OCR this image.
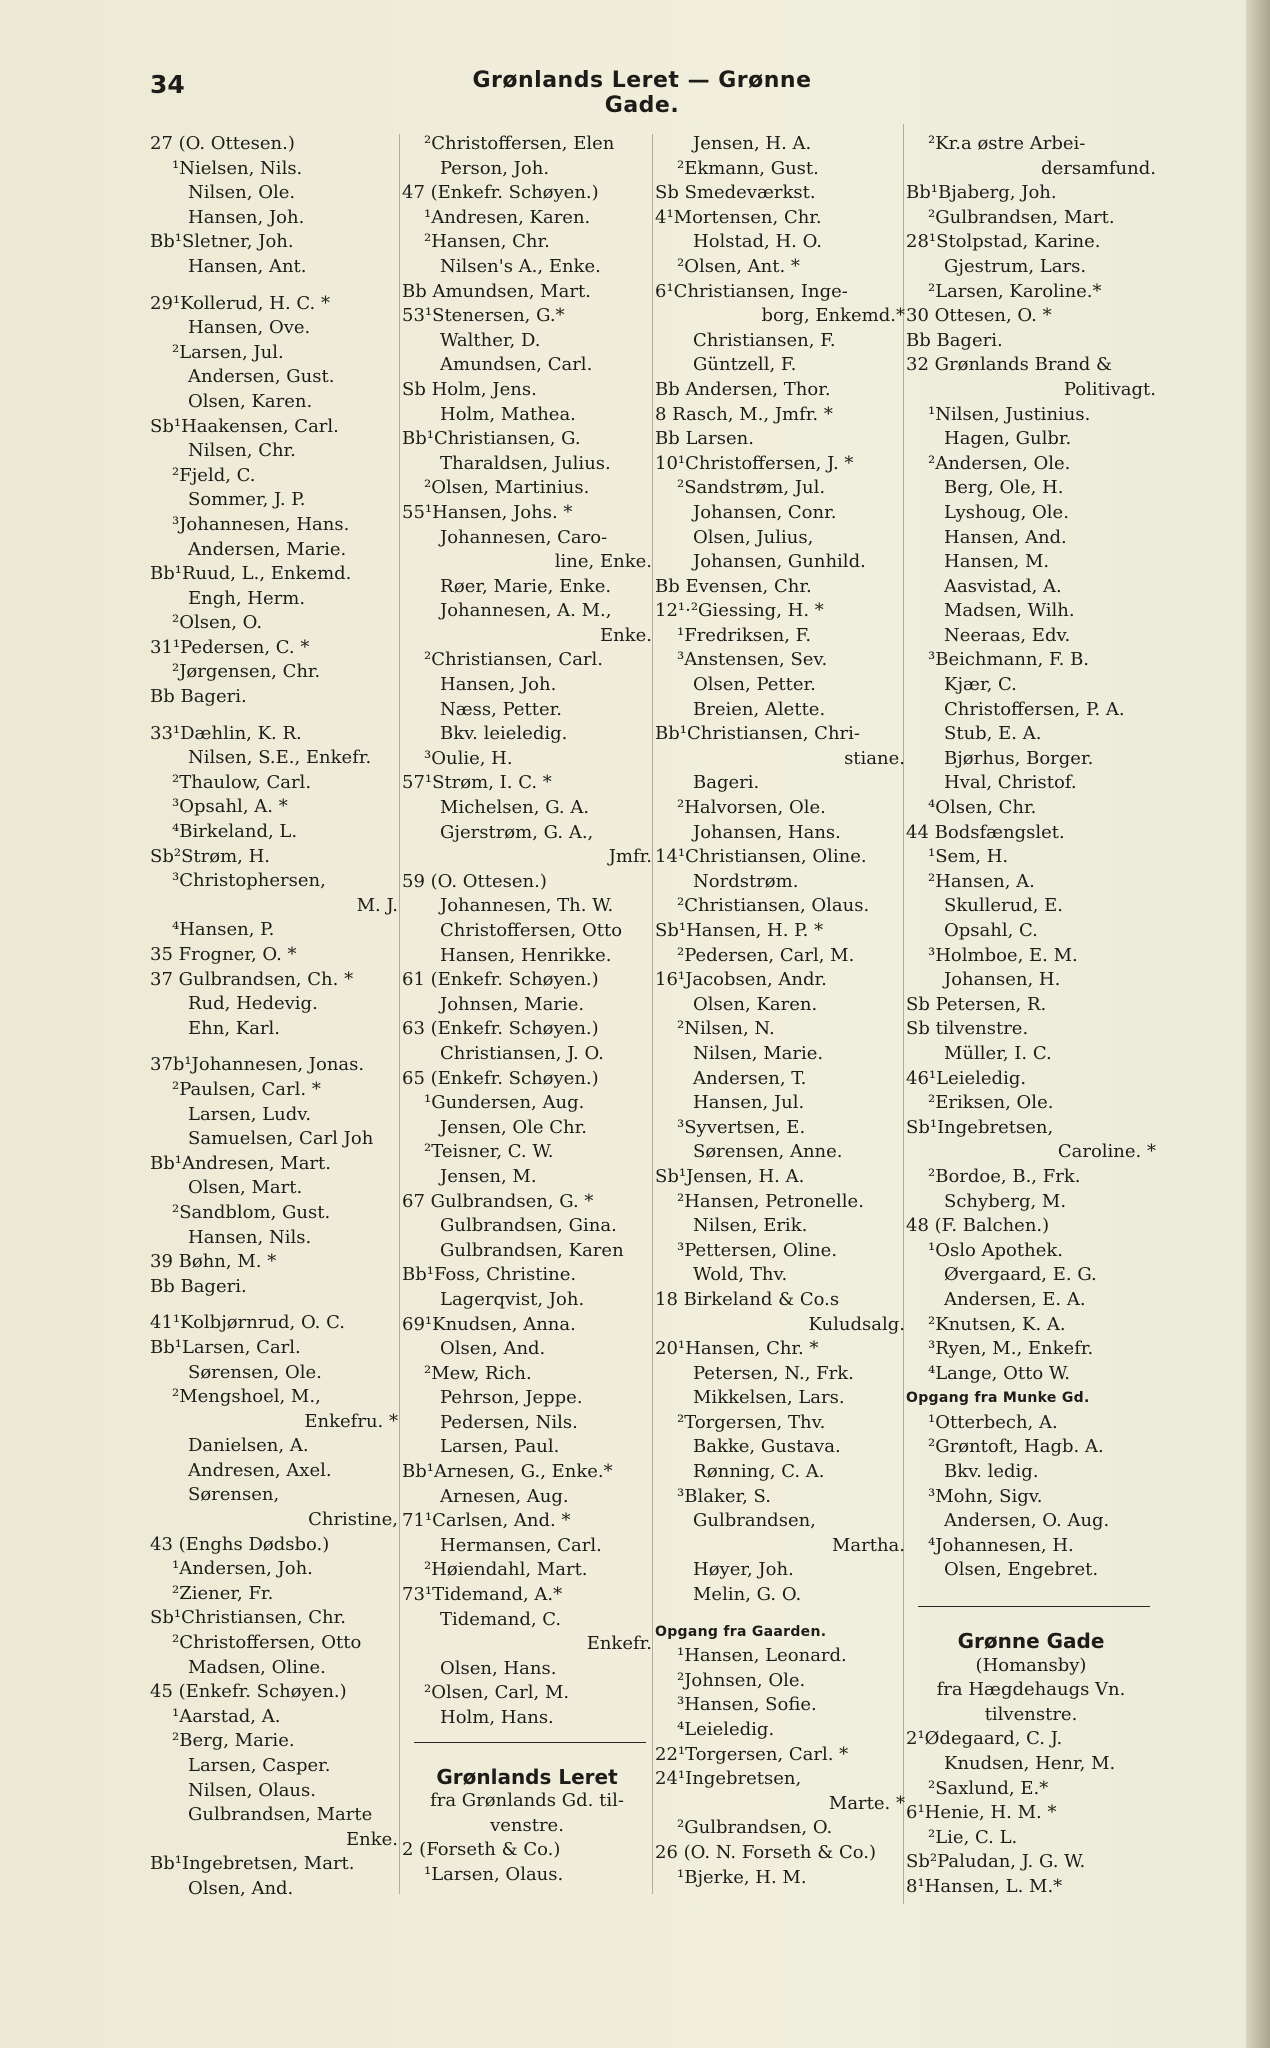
34	Grønlands Leret — Grønne Gade.
27 (O. Ottesen.)
¹Nielsen, Nils.
Nilsen, Ole.
Hansen, Joh.
Bb¹Sletner, Joh.
Hansen, Ant.
29¹Kollerud, H. C. *
Hansen, Ove.
²Larsen, Jul.
Andersen, Gust.
Olsen, Karen.
Sb¹Haakensen, Carl.
Nilsen, Chr.
²Fjeld, C.
Sommer, J. P.
³Johannesen, Hans.
Andersen, Marie.
Bb¹Ruud, L., Enkemd.
Engh, Herm.
²Olsen, O.
31¹Pedersen, C. *
²Jørgensen, Chr.
Bb Bageri.
33¹Dæhlin, K. R.
Nilsen, S.E., Enkefr.
²Thaulow, Carl.
³Opsahl, A. *
⁴Birkeland, L.
Sb²Strøm, H.
³Christophersen,
M. J.
⁴Hansen, P.
35 Frogner, O. *
37 Gulbrandsen, Ch. *
Rud, Hedevig.
Ehn, Karl.
37b¹Johannesen, Jonas.
²Paulsen, Carl. *
Larsen, Ludv.
Samuelsen, Carl Joh
Bb¹Andresen, Mart.
Olsen, Mart.
²Sandblom, Gust.
Hansen, Nils.
39 Bøhn, M. *
Bb Bageri.
41¹Kolbjørnrud, O. C.
Bb¹Larsen, Carl.
Sørensen, Ole.
²Mengshoel, M.,
Enkefru. *
Danielsen, A.
Andresen, Axel.
Sørensen,
Christine,
43 (Enghs Dødsbo.)
¹Andersen, Joh.
²Ziener, Fr.
Sb¹Christiansen, Chr.
²Christoffersen, Otto
Madsen, Oline.
45 (Enkefr. Schøyen.)
¹Aarstad, A.
²Berg, Marie.
Larsen, Casper.
Nilsen, Olaus.
Gulbrandsen, Marte
Enke.
Bb¹Ingebretsen, Mart.
Olsen, And.
²Christoffersen, Elen
Person, Joh.
47 (Enkefr. Schøyen.)
¹Andresen, Karen.
²Hansen, Chr.
Nilsen's A., Enke.
Bb Amundsen, Mart.
53¹Stenersen, G.*
Walther, D.
Amundsen, Carl.
Sb Holm, Jens.
Holm, Mathea.
Bb¹Christiansen, G.
Tharaldsen, Julius.
²Olsen, Martinius.
55¹Hansen, Johs. *
Johannesen, Caro-
line, Enke.
Røer, Marie, Enke.
Johannesen, A. M.,
Enke.
²Christiansen, Carl.
Hansen, Joh.
Næss, Petter.
Bkv. leieledig.
³Oulie, H.
57¹Strøm, I. C. *
Michelsen, G. A.
Gjerstrøm, G. A.,
Jmfr.
59 (O. Ottesen.)
Johannesen, Th. W.
Christoffersen, Otto
Hansen, Henrikke.
61 (Enkefr. Schøyen.)
Johnsen, Marie.
63 (Enkefr. Schøyen.)
Christiansen, J. O.
65 (Enkefr. Schøyen.)
¹Gundersen, Aug.
Jensen, Ole Chr.
²Teisner, C. W.
Jensen, M.
67 Gulbrandsen, G. *
Gulbrandsen, Gina.
Gulbrandsen, Karen
Bb¹Foss, Christine.
Lagerqvist, Joh.
69¹Knudsen, Anna.
Olsen, And.
²Mew, Rich.
Pehrson, Jeppe.
Pedersen, Nils.
Larsen, Paul.
Bb¹Arnesen, G., Enke.*
Arnesen, Aug.
71¹Carlsen, And. *
Hermansen, Carl.
²Høiendahl, Mart.
73¹Tidemand, A.*
Tidemand, C.
Enkefr.
Olsen, Hans.
²Olsen, Carl, M.
Holm, Hans.
Grønlands Leret
fra Grønlands Gd. til-
venstre.
2 (Forseth & Co.)
¹Larsen, Olaus.
Jensen, H. A.
²Ekmann, Gust.
Sb Smedeværkst.
4¹Mortensen, Chr.
Holstad, H. O.
²Olsen, Ant. *
6¹Christiansen, Inge-
borg, Enkemd.*
Christiansen, F.
Güntzell, F.
Bb Andersen, Thor.
8 Rasch, M., Jmfr. *
Bb Larsen.
10¹Christoffersen, J. *
²Sandstrøm, Jul.
Johansen, Conr.
Olsen, Julius,
Johansen, Gunhild.
Bb Evensen, Chr.
12¹·²Giessing, H. *
¹Fredriksen, F.
³Anstensen, Sev.
Olsen, Petter.
Breien, Alette.
Bb¹Christiansen, Chri-
stiane.
Bageri.
²Halvorsen, Ole.
Johansen, Hans.
14¹Christiansen, Oline.
Nordstrøm.
²Christiansen, Olaus.
Sb¹Hansen, H. P. *
²Pedersen, Carl, M.
16¹Jacobsen, Andr.
Olsen, Karen.
²Nilsen, N.
Nilsen, Marie.
Andersen, T.
Hansen, Jul.
³Syvertsen, E.
Sørensen, Anne.
Sb¹Jensen, H. A.
²Hansen, Petronelle.
Nilsen, Erik.
³Pettersen, Oline.
Wold, Thv.
18 Birkeland & Co.s
Kuludsalg.
20¹Hansen, Chr. *
Petersen, N., Frk.
Mikkelsen, Lars.
²Torgersen, Thv.
Bakke, Gustava.
Rønning, C. A.
³Blaker, S.
Gulbrandsen,
Martha.
Høyer, Joh.
Melin, G. O.
Opgang fra Gaarden.
¹Hansen, Leonard.
²Johnsen, Ole.
³Hansen, Sofie.
⁴Leieledig.
22¹Torgersen, Carl. *
24¹Ingebretsen,
Marte. *
²Gulbrandsen, O.
26 (O. N. Forseth & Co.)
¹Bjerke, H. M.
²Kr.a østre Arbei-
dersamfund.
Bb¹Bjaberg, Joh.
²Gulbrandsen, Mart.
28¹Stolpstad, Karine.
Gjestrum, Lars.
²Larsen, Karoline.*
30 Ottesen, O. *
Bb Bageri.
32 Grønlands Brand &
Politivagt.
¹Nilsen, Justinius.
Hagen, Gulbr.
²Andersen, Ole.
Berg, Ole, H.
Lyshoug, Ole.
Hansen, And.
Hansen, M.
Aasvistad, A.
Madsen, Wilh.
Neeraas, Edv.
³Beichmann, F. B.
Kjær, C.
Christoffersen, P. A.
Stub, E. A.
Bjørhus, Borger.
Hval, Christof.
⁴Olsen, Chr.
44 Bodsfængslet.
¹Sem, H.
²Hansen, A.
Skullerud, E.
Opsahl, C.
³Holmboe, E. M.
Johansen, H.
Sb Petersen, R.
Sb tilvenstre.
Müller, I. C.
46¹Leieledig.
²Eriksen, Ole.
Sb¹Ingebretsen,
Caroline. *
²Bordoe, B., Frk.
Schyberg, M.
48 (F. Balchen.)
¹Oslo Apothek.
Øvergaard, E. G.
Andersen, E. A.
²Knutsen, K. A.
³Ryen, M., Enkefr.
⁴Lange, Otto W.
Opgang fra Munke Gd.
¹Otterbech, A.
²Grøntoft, Hagb. A.
Bkv. ledig.
³Mohn, Sigv.
Andersen, O. Aug.
⁴Johannesen, H.
Olsen, Engebret.
Grønne Gade
(Homansby)
fra Hægdehaugs Vn.
tilvenstre.
2¹Ødegaard, C. J.
Knudsen, Henr, M.
²Saxlund, E.*
6¹Henie, H. M. *
²Lie, C. L.
Sb²Paludan, J. G. W.
8¹Hansen, L. M.*
